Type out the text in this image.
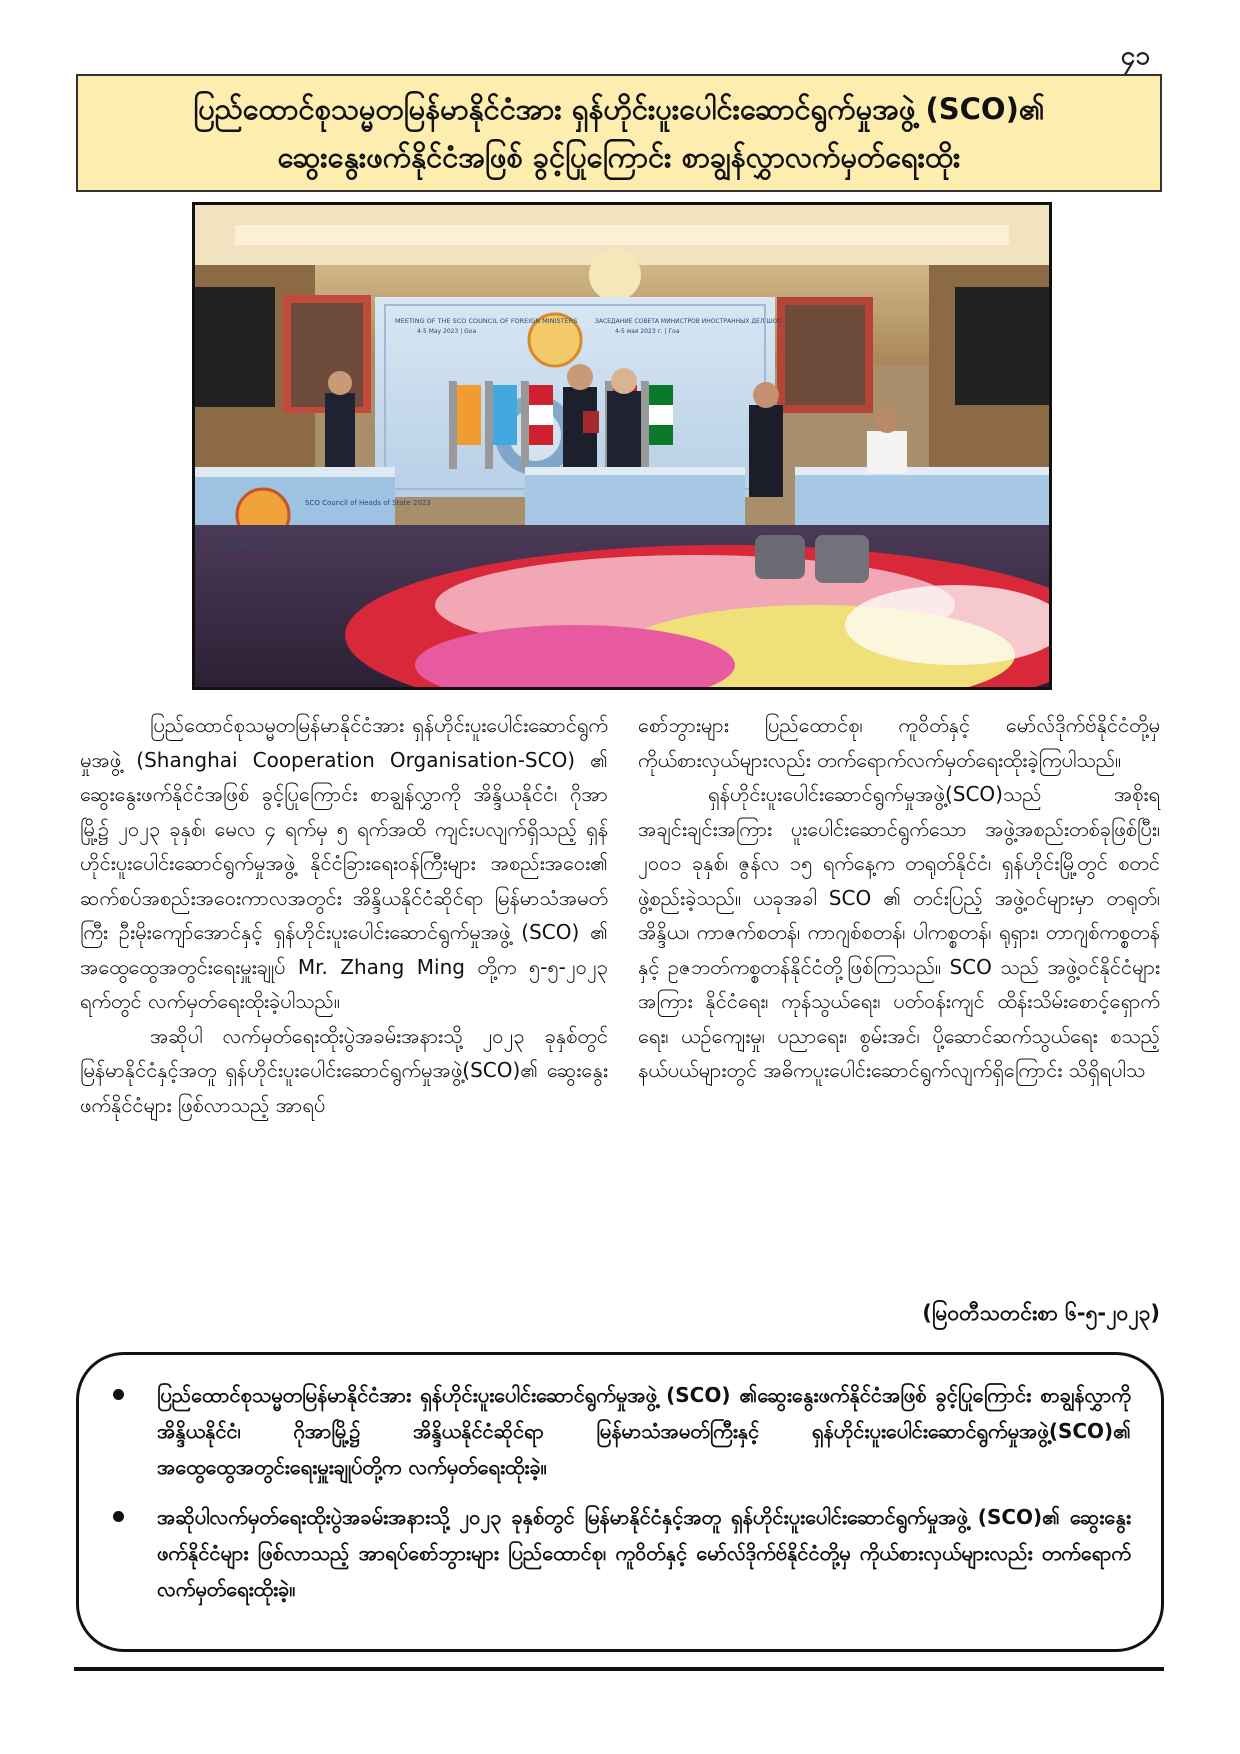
၄၁
ပြည်ထောင်စုသမ္မတမြန်မာနိုင်ငံအား ရှန်ဟိုင်းပူးပေါင်းဆောင်ရွက်မှုအဖွဲ့ (SCO)၏
ဆွေးနွေးဖက်နိုင်ငံအဖြစ် ခွင့်ပြုကြောင်း စာချွန်လွှာလက်မှတ်ရေးထိုး
MEETING OF THE SCO COUNCIL OF FOREIGN MINISTERS
4-5 May 2023 | Goa
ЗАСЕДАНИЕ СОВЕТА МИНИСТРОВ ИНОСТРАННЫХ ДЕЛ ШОС
4-5 мая 2023 г. | Гоа
SCO Council of Heads of State 2023
SECURE SCO

ပြည်ထောင်စုသမ္မတမြန်မာနိုင်ငံအား ရှန်ဟိုင်းပူးပေါင်းဆောင်ရွက်မှုအဖွဲ့ (Shanghai Cooperation Organisation-SCO) ၏ ဆွေးနွေးဖက်နိုင်ငံအဖြစ် ခွင့်ပြုကြောင်း စာချွန်လွှာကို အိန္ဒိယနိုင်ငံ၊ ဂိုအာမြို့၌ ၂၀၂၃ ခုနှစ်၊ မေလ ၄ ရက်မှ ၅ ရက်အထိ ကျင်းပလျက်ရှိသည့် ရှန်ဟိုင်းပူးပေါင်းဆောင်ရွက်မှုအဖွဲ့ နိုင်ငံခြားရေးဝန်ကြီးများ အစည်းအဝေး၏ ဆက်စပ်အစည်းအဝေးကာလအတွင်း အိန္ဒိယနိုင်ငံဆိုင်ရာ မြန်မာသံအမတ်ကြီး ဦးမိုးကျော်အောင်နှင့် ရှန်ဟိုင်းပူးပေါင်းဆောင်ရွက်မှုအဖွဲ့ (SCO) ၏ အထွေထွေအတွင်းရေးမှူးချုပ် Mr. Zhang Ming တို့က ၅-၅-၂၀၂၃ ရက်တွင် လက်မှတ်ရေးထိုးခဲ့ပါသည်။

အဆိုပါ လက်မှတ်ရေးထိုးပွဲအခမ်းအနားသို့ ၂၀၂၃ ခုနှစ်တွင် မြန်မာနိုင်ငံနှင့်အတူ ရှန်ဟိုင်းပူးပေါင်းဆောင်ရွက်မှုအဖွဲ့(SCO)၏ ဆွေးနွေးဖက်နိုင်ငံများ ဖြစ်လာသည့် အာရပ်

စော်ဘွားများ ပြည်ထောင်စု၊ ကူဝိတ်နှင့် မော်လ်ဒိုက်ဗ်နိုင်ငံတို့မှ ကိုယ်စားလှယ်များလည်း တက်ရောက်လက်မှတ်ရေးထိုးခဲ့ကြပါသည်။

ရှန်ဟိုင်းပူးပေါင်းဆောင်ရွက်မှုအဖွဲ့(SCO)သည် အစိုးရအချင်းချင်းအကြား ပူးပေါင်းဆောင်ရွက်သော အဖွဲ့အစည်းတစ်ခုဖြစ်ပြီး၊ ၂၀၀၁ ခုနှစ်၊ ဇွန်လ ၁၅ ရက်နေ့က တရုတ်နိုင်ငံ၊ ရှန်ဟိုင်းမြို့တွင် စတင်ဖွဲ့စည်းခဲ့သည်။ ယခုအခါ SCO ၏ တင်းပြည့် အဖွဲ့ဝင်များမှာ တရုတ်၊ အိန္ဒိယ၊ ကာဇက်စတန်၊ ကာဂျစ်စတန်၊ ပါကစ္စတန်၊ ရုရှား၊ တာဂျစ်ကစ္စတန်နှင့် ဥဇဘတ်ကစ္စတန်နိုင်ငံတို့ဖြစ်ကြသည်။ SCO သည် အဖွဲ့ဝင်နိုင်ငံများအကြား နိုင်ငံရေး၊ ကုန်သွယ်ရေး၊ ပတ်ဝန်းကျင် ထိန်းသိမ်းစောင့်ရှောက်ရေး၊ ယဉ်ကျေးမှု၊ ပညာရေး၊ စွမ်းအင်၊ ပို့ဆောင်ဆက်သွယ်ရေး စသည့်နယ်ပယ်များတွင် အဓိကပူးပေါင်းဆောင်ရွက်လျက်ရှိကြောင်း သိရှိရပါသ

(မြဝတီသတင်းစာ ၆-၅-၂၀၂၃)
ပြည်ထောင်စုသမ္မတမြန်မာနိုင်ငံအား ရှန်ဟိုင်းပူးပေါင်းဆောင်ရွက်မှုအဖွဲ့ (SCO) ၏ဆွေးနွေးဖက်နိုင်ငံအဖြစ် ခွင့်ပြုကြောင်း စာချွန်လွှာကို အိန္ဒိယနိုင်ငံ၊ ဂိုအာမြို့၌ အိန္ဒိယနိုင်ငံဆိုင်ရာ မြန်မာသံအမတ်ကြီးနှင့် ရှန်ဟိုင်းပူးပေါင်းဆောင်ရွက်မှုအဖွဲ့(SCO)၏ အထွေထွေအတွင်းရေးမှူးချုပ်တို့က လက်မှတ်ရေးထိုးခဲ့။
အဆိုပါလက်မှတ်ရေးထိုးပွဲအခမ်းအနားသို့ ၂၀၂၃ ခုနှစ်တွင် မြန်မာနိုင်ငံနှင့်အတူ ရှန်ဟိုင်းပူးပေါင်းဆောင်ရွက်မှုအဖွဲ့ (SCO)၏ ဆွေးနွေးဖက်နိုင်ငံများ ဖြစ်လာသည့် အာရပ်စော်ဘွားများ ပြည်ထောင်စု၊ ကူဝိတ်နှင့် မော်လ်ဒိုက်ဗ်နိုင်ငံတို့မှ ကိုယ်စားလှယ်များလည်း တက်ရောက်လက်မှတ်ရေးထိုးခဲ့။
